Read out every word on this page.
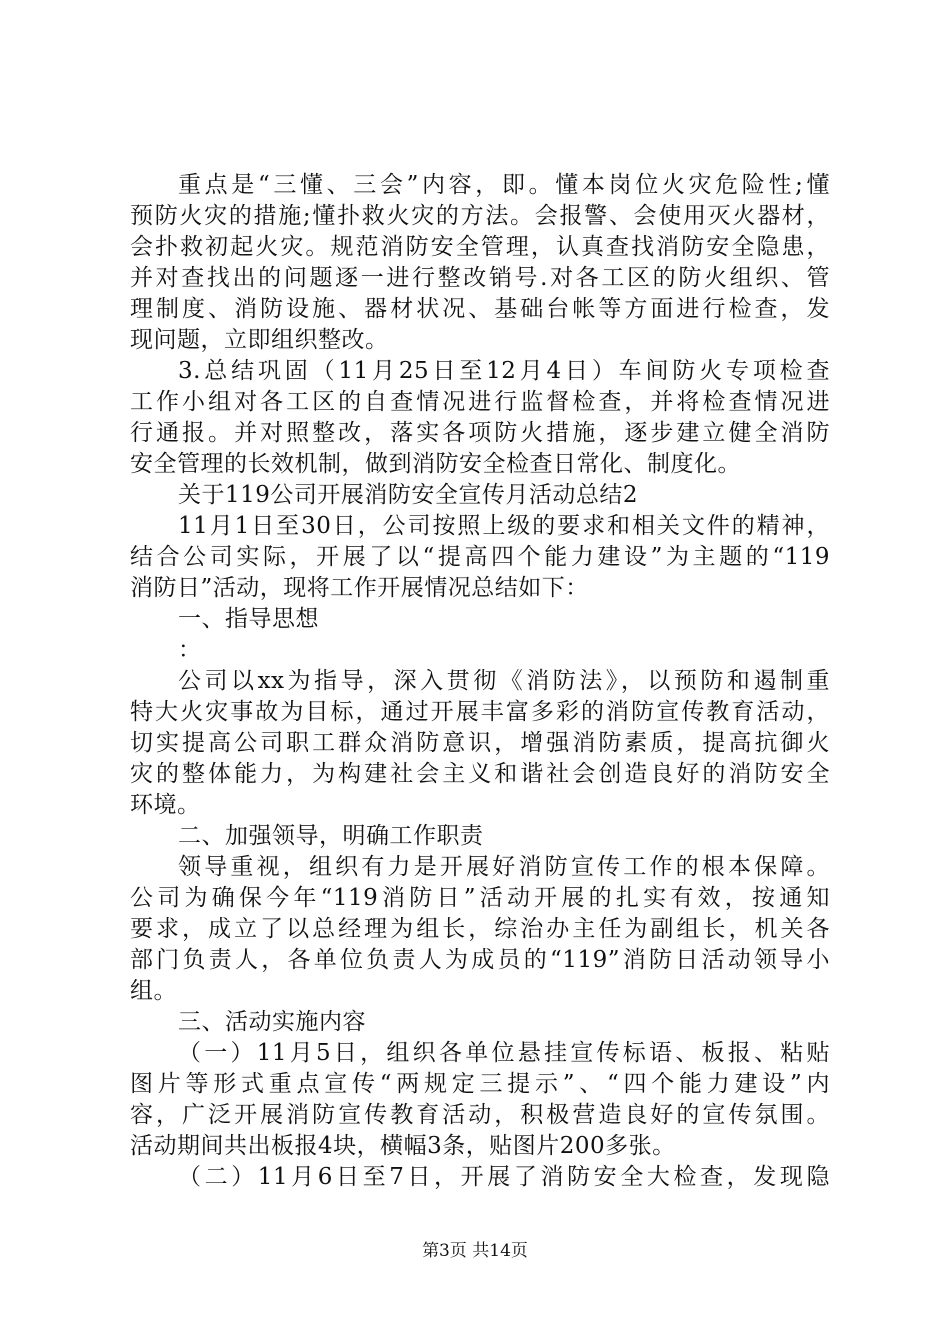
重点是“三懂、三会”内容，即。懂本岗位火灾危险性;懂
预防火灾的措施;懂扑救火灾的方法。会报警、会使用灭火器材，
会扑救初起火灾。规范消防安全管理，认真查找消防安全隐患，
并对查找出的问题逐一进行整改销号.对各工区的防火组织、管
理制度、消防设施、器材状况、基础台帐等方面进行检查，发
现问题，立即组织整改。
3.总结巩固（11月25日至12月4日）车间防火专项检查
工作小组对各工区的自查情况进行监督检查，并将检查情况进
行通报。并对照整改，落实各项防火措施，逐步建立健全消防
安全管理的长效机制，做到消防安全检查日常化、制度化。
关于119公司开展消防安全宣传月活动总结2
11月1日至30日，公司按照上级的要求和相关文件的精神，
结合公司实际，开展了以“提高四个能力建设”为主题的“119
消防日”活动，现将工作开展情况总结如下：
一、指导思想
：
公司以xx为指导，深入贯彻《消防法》，以预防和遏制重
特大火灾事故为目标，通过开展丰富多彩的消防宣传教育活动，
切实提高公司职工群众消防意识，增强消防素质，提高抗御火
灾的整体能力，为构建社会主义和谐社会创造良好的消防安全
环境。
二、加强领导，明确工作职责
领导重视，组织有力是开展好消防宣传工作的根本保障。
公司为确保今年“119消防日”活动开展的扎实有效，按通知
要求，成立了以总经理为组长，综治办主任为副组长，机关各
部门负责人，各单位负责人为成员的“119”消防日活动领导小
组。
三、活动实施内容
（一）11月5日，组织各单位悬挂宣传标语、板报、粘贴
图片等形式重点宣传“两规定三提示”、“四个能力建设”内
容，广泛开展消防宣传教育活动，积极营造良好的宣传氛围。
活动期间共出板报4块，横幅3条，贴图片200多张。
（二）11月6日至7日，开展了消防安全大检查，发现隐
第3页 共14页
